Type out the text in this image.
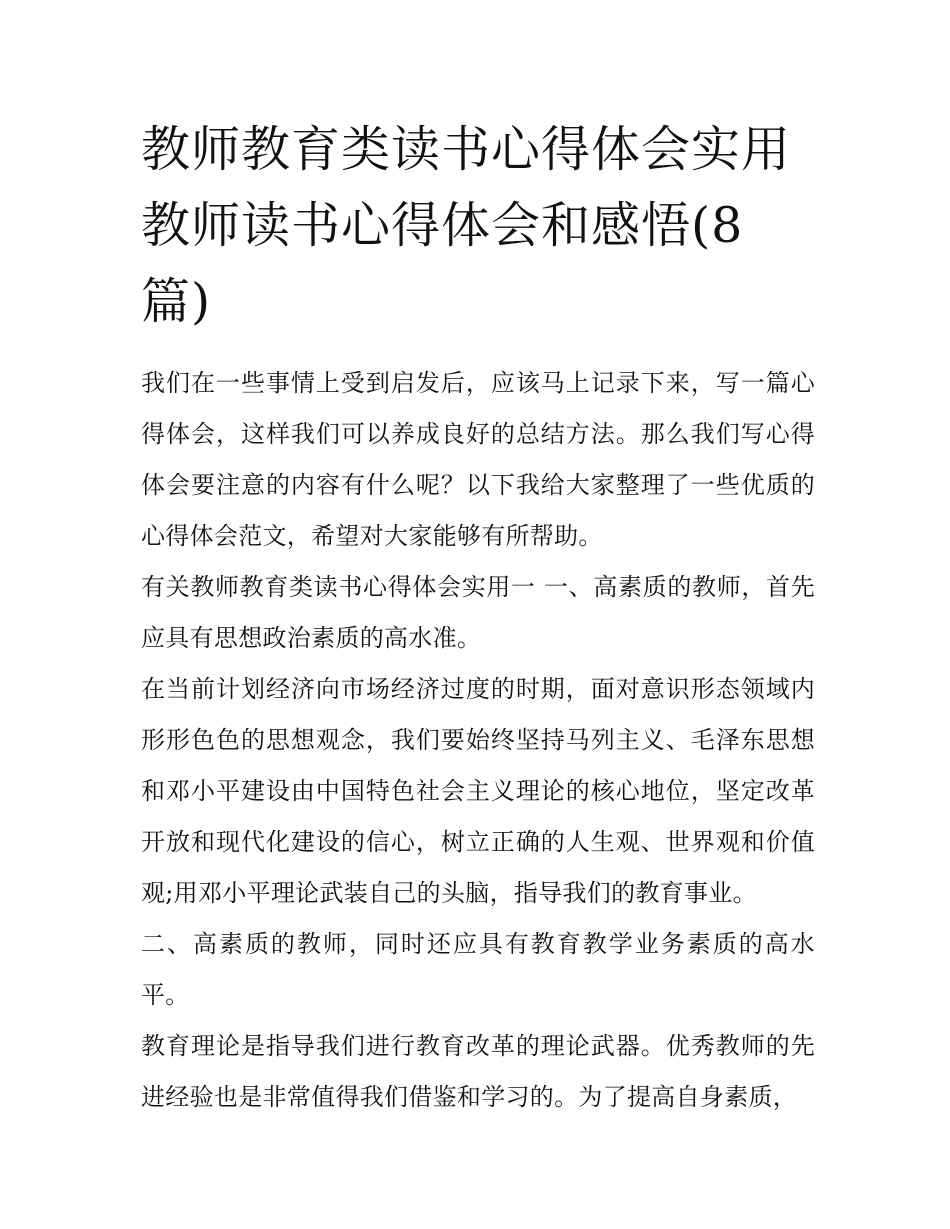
教师教育类读书心得体会实用教师读书心得体会和感悟(8篇)

我们在一些事情上受到启发后，应该马上记录下来，写一篇心得体会，这样我们可以养成良好的总结方法。那么我们写心得体会要注意的内容有什么呢？以下我给大家整理了一些优质的心得体会范文，希望对大家能够有所帮助。

有关教师教育类读书心得体会实用一 一、高素质的教师，首先应具有思想政治素质的高水准。

在当前计划经济向市场经济过度的时期，面对意识形态领域内形形色色的思想观念，我们要始终坚持马列主义、毛泽东思想和邓小平建设由中国特色社会主义理论的核心地位，坚定改革开放和现代化建设的信心，树立正确的人生观、世界观和价值观;用邓小平理论武装自己的头脑，指导我们的教育事业。

二、高素质的教师，同时还应具有教育教学业务素质的高水平。

教育理论是指导我们进行教育改革的理论武器。优秀教师的先进经验也是非常值得我们借鉴和学习的。为了提高自身素质，
